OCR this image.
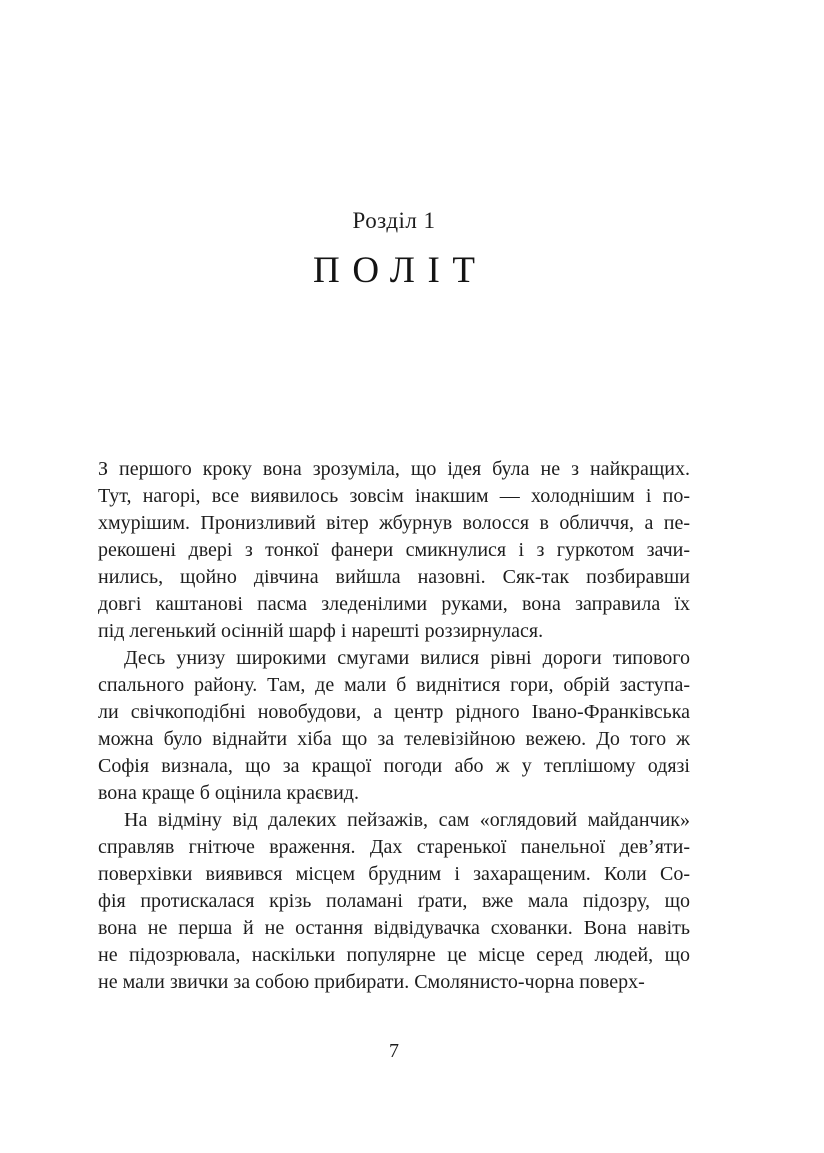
Розділ 1
ПОЛІТ
З першого кроку вона зрозуміла, що ідея була не з найкращих.
Тут, нагорі, все виявилось зовсім інакшим — холоднішим і по-
хмурішим. Пронизливий вітер жбурнув волосся в обличчя, а пе-
рекошені двері з тонкої фанери смикнулися і з гуркотом зачи-
нились, щойно дівчина вийшла назовні. Сяк-так позбиравши
довгі каштанові пасма зледенілими руками, вона заправила їх
під легенький осінній шарф і нарешті роззирнулася.
Десь унизу широкими смугами вилися рівні дороги типового
спального району. Там, де мали б виднітися гори, обрій заступа-
ли свічкоподібні новобудови, а центр рідного Івано-Франківська
можна було віднайти хіба що за телевізійною вежею. До того ж
Софія визнала, що за кращої погоди або ж у теплішому одязі
вона краще б оцінила краєвид.
На відміну від далеких пейзажів, сам «оглядовий майданчик»
справляв гнітюче враження. Дах старенької панельної дев’яти-
поверхівки виявився місцем брудним і захаращеним. Коли Со-
фія протискалася крізь поламані ґрати, вже мала підозру, що
вона не перша й не остання відвідувачка схованки. Вона навіть
не підозрювала, наскільки популярне це місце серед людей, що
не мали звички за собою прибирати. Смолянисто-чорна поверх-
7
